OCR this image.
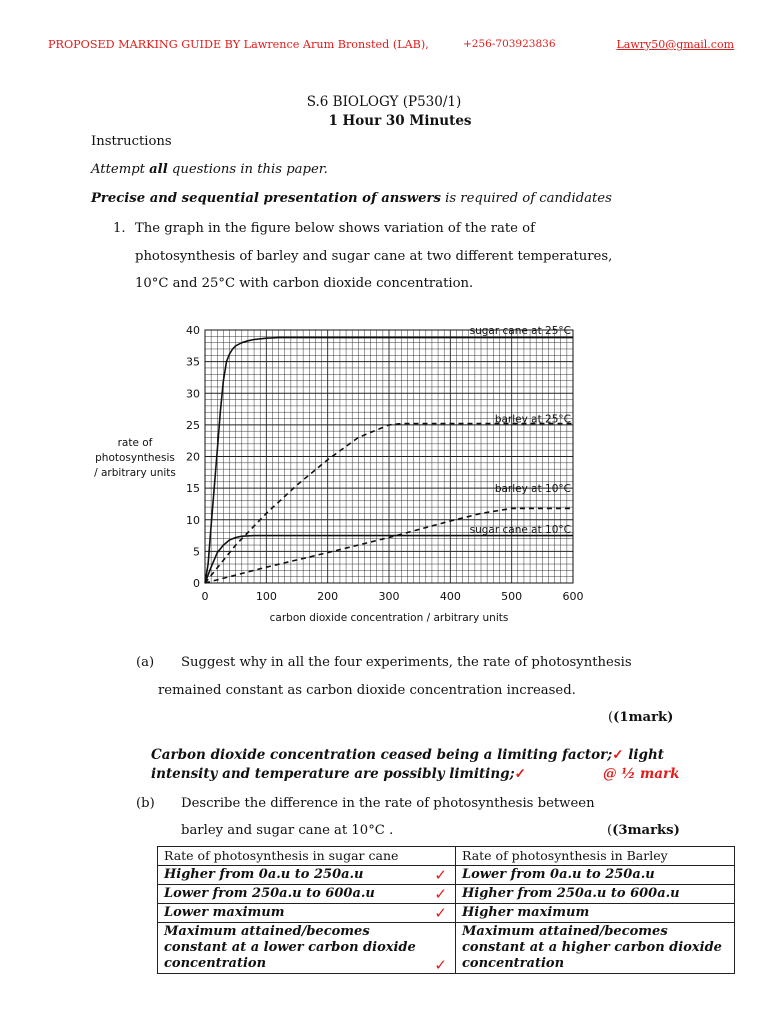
PROPOSED MARKING GUIDE BY Lawrence Arum Bronsted (LAB),	+256-703923836	Lawry50@gmail.com
S.6 BIOLOGY (P530/1)
1 Hour 30 Minutes
Instructions
Attempt all questions in this paper.
Precise and sequential presentation of answers is required of candidates
1. The graph in the figure below shows variation of the rate of
photosynthesis of barley and sugar cane at two different temperatures,
10°C and 25°C with carbon dioxide concentration.
0	100	200	300	400	500	600
0
5
10
15
20
25
30
35
40	sugar cane at 25°C
barley at 25°C
barley at 10°C
sugar cane at 10°C
rate of
photosynthesis
/ arbitrary units
carbon dioxide concentration / arbitrary units
(a) Suggest why in all the four experiments, the rate of photosynthesis
remained constant as carbon dioxide concentration increased.
((1mark)
Carbon dioxide concentration ceased being a limiting factor;✓ light
intensity and temperature are possibly limiting;✓	@ ½ mark
(b) Describe the difference in the rate of photosynthesis between
barley and sugar cane at 10°C .	((3marks)
Rate of photosynthesis in sugar cane	Rate of photosynthesis in Barley
Higher from 0a.u to 250a.u ✓	Lower from 0a.u to 250a.u
Lower from 250a.u to 600a.u ✓	Higher from 250a.u to 600a.u
Lower maximum ✓	Higher maximum
Maximum attained/becomes constant at a lower carbon dioxide concentration ✓	Maximum attained/becomes constant at a higher carbon dioxide concentration
